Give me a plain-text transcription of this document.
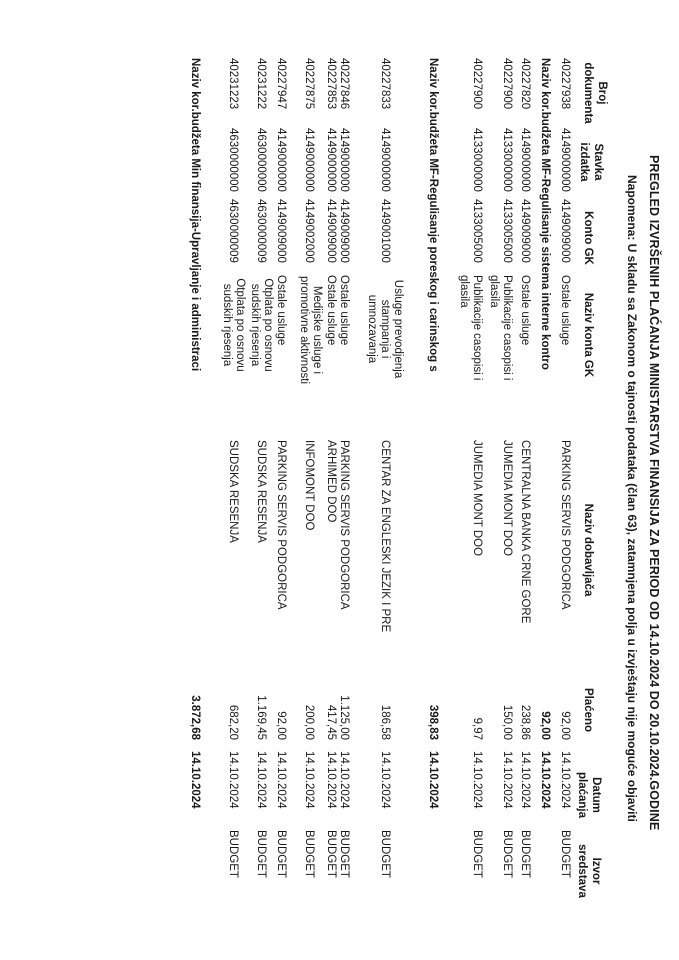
PREGLED IZVRŠENIH PLAĆANJA MINISTARSTVA FINANSIJA ZA PERIOD OD 14.10.2024 DO 20.10.2024.GODINE
Napomena: U skladu sa Zakonom o tajnosti podataka (član 63), zatamnjena polja u izvještaju nije moguće objaviti
Broj
dokumenta
Stavka
izdatka
Konto GK
Naziv konta GK
Naziv dobavljača
Plaćeno
Datum
plaćanja
Izvor
sredstava
40227938
4149000000
4149009000
Ostale usluge
PARKING SERVIS PODGORICA
92,00
14.10.2024
BUDGET
Naziv kor.budžeta MF-Regulisanje sistema interne kontro
92,00
14.10.2024
40227820
4149000000
4149009000
Ostale usluge
CENTRALNA BANKA CRNE GORE
238,86
14.10.2024
BUDGET
40227900
4133000000
4133005000
Publikacije casopisi i glasila
JUMEDIA MONT DOO
150,00
14.10.2024
BUDGET
40227900
4133000000
4133005000
Publikacije casopisi i glasila
JUMEDIA MONT DOO
9,97
14.10.2024
BUDGET
Naziv kor.budžeta MF-Regulisanje poreskog i carinskog s
398,83
14.10.2024
40227833
4149000000
4149001000
Usluge prevodjenja stampanja i umnozavanja
CENTAR ZA ENGLESKI JEZIK I PRE
186,58
14.10.2024
BUDGET
40227846
4149000000
4149009000
Ostale usluge
PARKING SERVIS PODGORICA
1.125,00
14.10.2024
BUDGET
40227853
4149000000
4149009000
Ostale usluge
ARHIMED DOO
417,45
14.10.2024
BUDGET
40227875
4149000000
4149002000
Medijske usluge i promotivne aktivnosti
INFOMONT DOO
200,00
14.10.2024
BUDGET
40227947
4149000000
4149009000
Ostale usluge
PARKING SERVIS PODGORICA
92,00
14.10.2024
BUDGET
40231222
4630000000
4630000009
Otplata po osnovu sudskih rjesenja
SUDSKA RESENJA
1.169,45
14.10.2024
BUDGET
40231223
4630000000
4630000009
Otplata po osnovu sudskih rjesenja
SUDSKA RESENJA
682,20
14.10.2024
BUDGET
Naziv kor.budžeta Min finansija-Upravljanje i administraci
3.872,68
14.10.2024
